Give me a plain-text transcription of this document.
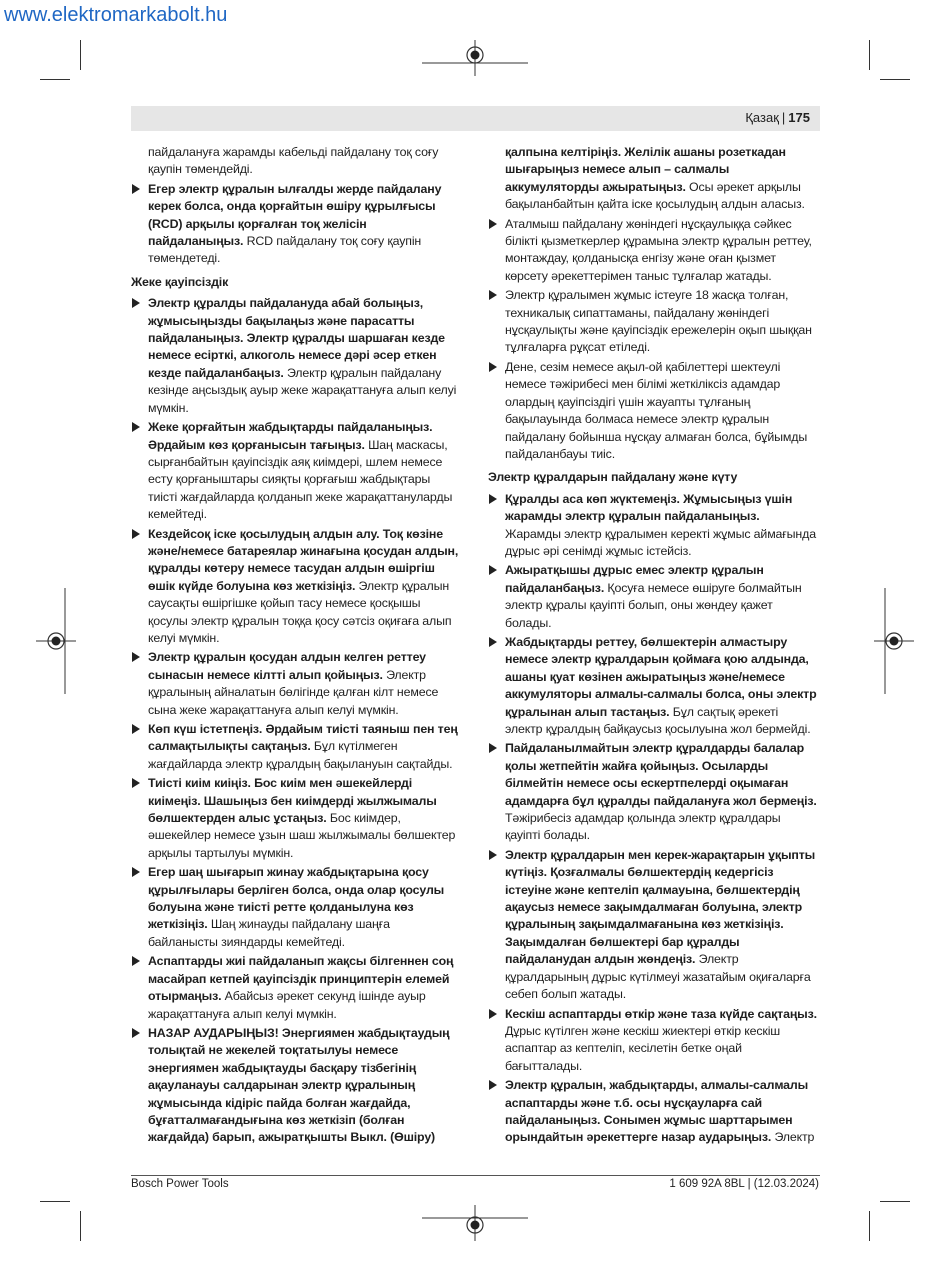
www.elektromarkabolt.hu
Қазақ | 175
пайдалануға жарамды кабельді пайдалану тоқ соғу қаупін төмендейді.
Егер электр құралын ылғалды жерде пайдалану керек болса, онда қорғайтын өшіру құрылғысы (RCD) арқылы қорғалған тоқ желісін пайдаланыңыз. RCD пайдалану тоқ соғу қаупін төмендетеді.
Жеке қауіпсіздік
Электр құралды пайдалануда абай болыңыз, жұмысыңызды бақылаңыз және парасатты пайдаланыңыз. Электр құралды шаршаған кезде немесе есірткі, алкоголь немесе дәрі әсер еткен кезде пайдаланбаңыз. Электр құралын пайдалану кезінде аңсыздық ауыр жеке жарақаттануға алып келуі мүмкін.
Жеке қорғайтын жабдықтарды пайдаланыңыз. Әрдайым көз қорғанысын тағыңыз. Шаң маскасы, сырғанбайтын қауіпсіздік аяқ киімдері, шлем немесе есту қорғаныштары сияқты қорғағыш жабдықтары тиісті жағдайларда қолданып жеке жарақаттануларды кемейтеді.
Кездейсоқ іске қосылудың алдын алу. Тоқ көзіне және/немесе батареялар жинағына қосудан алдын, құралды көтеру немесе тасудан алдын өшіргіш өшік күйде болуына көз жеткізіңіз. Электр құралын саусақты өшіргішке қойып тасу немесе қосқышы қосулы электр құралын тоққа қосу сәтсіз оқиғаға алып келуі мүмкін.
Электр құралын қосудан алдын келген реттеу сынасын немесе кілтті алып қойыңыз. Электр құралының айналатын бөлігінде қалған кілт немесе сына жеке жарақаттануға алып келуі мүмкін.
Көп күш істетпеңіз. Әрдайым тиісті таяныш пен тең салмақтылықты сақтаңыз. Бұл күтілмеген жағдайларда электр құралдың бақылануын сақтайды.
Тиісті киім киіңіз. Бос киім мен әшекейлерді киімеңіз. Шашыңыз бен киімдерді жылжымалы бөлшектерден алыс ұстаңыз. Бос киімдер, әшекейлер немесе ұзын шаш жылжымалы бөлшектер арқылы тартылуы мүмкін.
Егер шаң шығарып жинау жабдықтарына қосу құрылғылары берлiген болса, онда олар қосулы болуына және тиісті ретте қолданылуна көз жеткізіңіз. Шаң жинауды пайдалану шаңға байланысты зияндарды кемейтеді.
Аспаптарды жиі пайдаланып жақсы білгеннен соң масайрап кетпей қауіпсіздік принциптерін елемей отырмаңыз. Абайсыз әрекет секунд ішінде ауыр жарақаттануға алып келуі мүмкін.
НАЗАР АУДАРЫҢЫЗ! Энергиямен жабдықтаудың толықтай не жекелей тоқтатылуы немесе энергиямен жабдықтауды басқару тізбегінің ақауланауы салдарынан электр құралының жұмысында кідіріс пайда болған жағдайда, бұғатталмағандығына көз жеткізіп (болған жағдайда) барып, ажыратқышты Выкл. (Өшіру)
қалпына келтіріңіз. Желілік ашаны розеткадан шығарыңыз немесе алып – салмалы аккумуляторды ажыратыңыз. Осы әрекет арқылы бақыланбайтын қайта іске қосылудың алдын аласыз.
Аталмыш пайдалану жөніндегі нұсқаулыққа сәйкес білікті қызметкерлер құрамына электр құралын реттеу, монтаждау, қолданысқа енгізу және оған қызмет көрсету әрекеттерімен таныс тұлғалар жатады.
Электр құралымен жұмыс істеуге 18 жасқа толған, техникалық сипаттаманы, пайдалану жөніндегі нұсқаулықты және қауіпсіздік ережелерін оқып шыққан тұлғаларға рұқсат етіледі.
Дене, сезім немесе ақыл-ой қабілеттері шектеулі немесе тәжірибесі мен білімі жеткіліксіз адамдар олардың қауіпсіздігі үшін жауапты тұлғаның бақылауында болмаса немесе электр құралын пайдалану бойынша нұсқау алмаған болса, бұйымды пайдаланбауы тиіс.
Электр құралдарын пайдалану және күту
Құралды аса көп жүктемеңіз. Жұмысыңыз үшін жарамды электр құралын пайдаланыңыз. Жарамды электр құралымен керекті жұмыс аймағында дұрыс әрі сенімді жұмыс істейсіз.
Ажыратқышы дұрыс емес электр құралын пайдаланбаңыз. Қосуға немесе өшіруге болмайтын электр құралы қауіпті болып, оны жөндеу қажет болады.
Жабдықтарды реттеу, бөлшектерін алмастыру немесе электр құралдарын қоймаға қою алдында, ашаны қуат көзінен ажыратыңыз және/немесе аккумуляторы алмалы-салмалы болса, оны электр құралынан алып тастаңыз. Бұл сақтық әрекеті электр құралдың байқаусыз қосылуына жол бермейді.
Пайдаланылмайтын электр құралдарды балалар қолы жетпейтін жайға қойыңыз. Осыларды білмейтін немесе осы ескертпелерді оқымаған адамдарға бұл құралды пайдалануға жол бермеңіз. Тәжірибесіз адамдар қолында электр құралдары қауіпті болады.
Электр құралдарын мен керек-жарақтарын ұқыпты күтіңіз. Қозғалмалы бөлшектердің кедергісіз істеуіне және кептеліп қалмауына, бөлшектердің ақаусыз немесе зақымдалмаған болуына, электр құралының зақымдалмағанына көз жеткізіңіз. Зақымдалған бөлшектері бар құралды пайдаланудан алдын жөндеңіз. Электр құралдарының дұрыс күтілмеуі жазатайым оқиғаларға себеп болып жатады.
Кескіш аспаптарды өткір және таза күйде сақтаңыз. Дұрыс күтілген және кескіш жиектері өткір кескіш аспаптар аз кептеліп, кесілетін бетке оңай бағытталады.
Электр құралын, жабдықтарды, алмалы-салмалы аспаптарды және т.б. осы нұсқауларға сай пайдаланыңыз. Сонымен жұмыс шарттарымен орындайтын әрекеттерге назар аударыңыз. Электр
Bosch Power Tools	1 609 92A 8BL | (12.03.2024)
